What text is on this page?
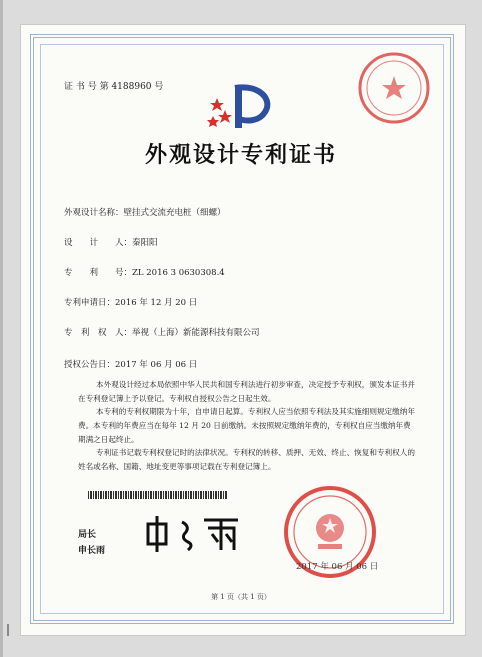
证 书 号 第 4188960 号
外观设计专利证书
外观设计名称：壁挂式交流充电桩（细螺）
设　　计　　人：秦阳阳
专　　利　　号：ZL 2016 3 0630308.4
专利申请日：2016 年 12 月 20 日
专　利　权　人：举视（上海）新能源科技有限公司
授权公告日：2017 年 06 月 06 日
本外观设计经过本局依照中华人民共和国专利法进行初步审查，决定授予专利权，颁发本证书并在专利登记簿上予以登记。专利权自授权公告之日起生效。
本专利的专利权期限为十年，自申请日起算。专利权人应当依照专利法及其实施细则规定缴纳年费。本专利的年费应当在每年 12 月 20 日前缴纳。未按照规定缴纳年费的，专利权自应当缴纳年费期满之日起终止。
专利证书记载专利权登记时的法律状况。专利权的转移、质押、无效、终止、恢复和专利权人的姓名或名称、国籍、地址变更等事项记载在专利登记簿上。
局长
申长雨
2017 年 06 月 06 日
第 1 页（共 1 页）
